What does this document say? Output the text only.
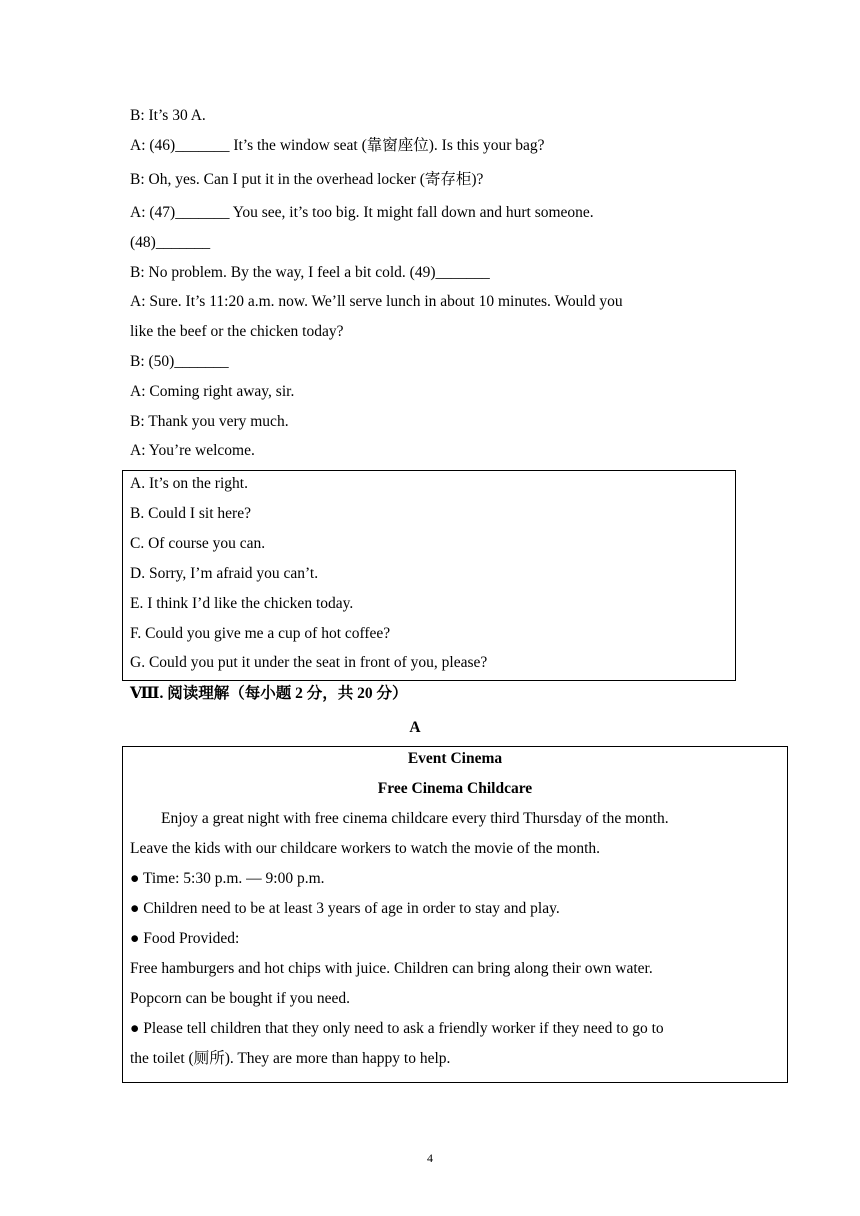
B: It’s 30 A.
A: (46)_______ It’s the window seat (靠窗座位). Is this your bag?
B: Oh, yes. Can I put it in the overhead locker (寄存柜)?
A: (47)_______ You see, it’s too big. It might fall down and hurt someone.
(48)_______
B: No problem. By the way, I feel a bit cold. (49)_______
A: Sure. It’s 11:20 a.m. now. We’ll serve lunch in about 10 minutes. Would you
like the beef or the chicken today?
B: (50)_______
A: Coming right away, sir.
B: Thank you very much.
A: You’re welcome.
A. It’s on the right.
B. Could I sit here?
C. Of course you can.
D. Sorry, I’m afraid you can’t.
E. I think I’d like the chicken today.
F. Could you give me a cup of hot coffee?
G. Could you put it under the seat in front of you, please?
Ⅷ. 阅读理解（每小题 2 分，共 20 分）
A
Event Cinema
Free Cinema Childcare
Enjoy a great night with free cinema childcare every third Thursday of the month.
Leave the kids with our childcare workers to watch the movie of the month.
● Time: 5:30 p.m. — 9:00 p.m.
● Children need to be at least 3 years of age in order to stay and play.
● Food Provided:
Free hamburgers and hot chips with juice. Children can bring along their own water.
Popcorn can be bought if you need.
● Please tell children that they only need to ask a friendly worker if they need to go to
the toilet (厕所). They are more than happy to help.
4
